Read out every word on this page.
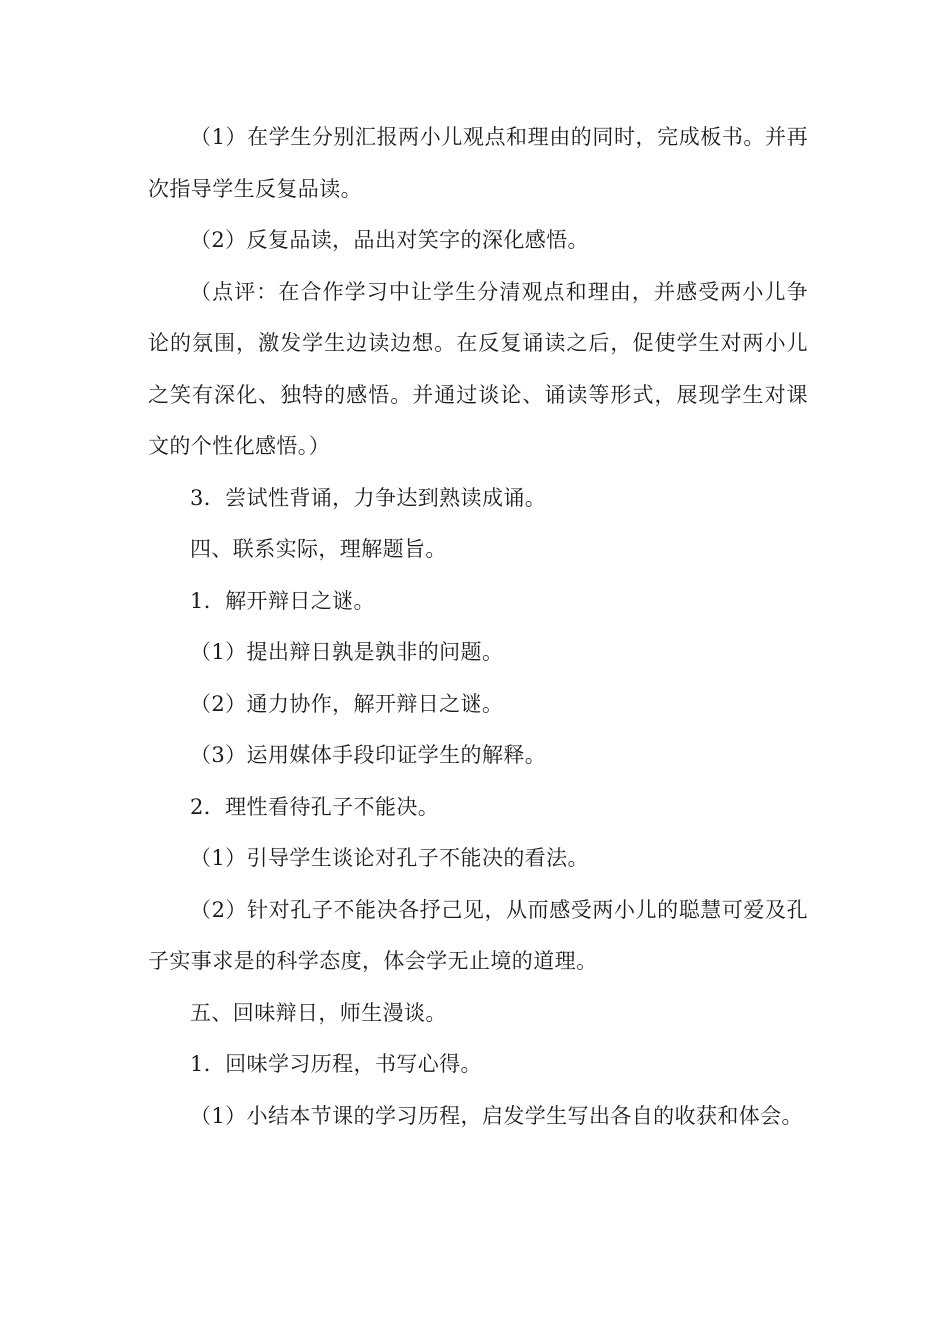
（1）在学生分别汇报两小儿观点和理由的同时，完成板书。并再次指导学生反复品读。

（2）反复品读，品出对笑字的深化感悟。

（点评：在合作学习中让学生分清观点和理由，并感受两小儿争论的氛围，激发学生边读边想。在反复诵读之后，促使学生对两小儿之笑有深化、独特的感悟。并通过谈论、诵读等形式，展现学生对课文的个性化感悟。）

3．尝试性背诵，力争达到熟读成诵。

四、联系实际，理解题旨。

1．解开辩日之谜。

（1）提出辩日孰是孰非的问题。

（2）通力协作，解开辩日之谜。

（3）运用媒体手段印证学生的解释。

2．理性看待孔子不能决。

（1）引导学生谈论对孔子不能决的看法。

（2）针对孔子不能决各抒己见，从而感受两小儿的聪慧可爱及孔子实事求是的科学态度，体会学无止境的道理。

五、回味辩日，师生漫谈。

1．回味学习历程，书写心得。

（1）小结本节课的学习历程，启发学生写出各自的收获和体会。
